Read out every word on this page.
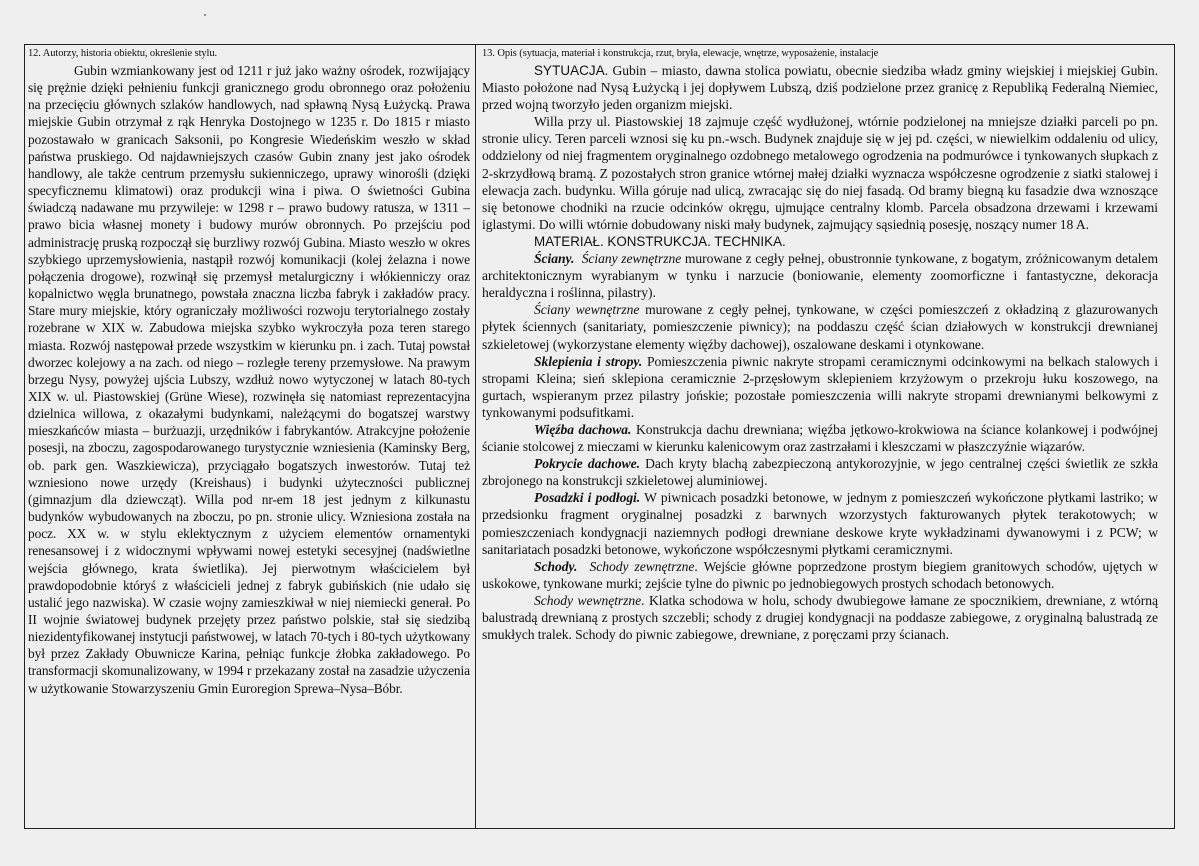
12. Autorzy, historia obiektu, określenie stylu.

Gubin wzmiankowany jest od 1211 r już jako ważny ośrodek, rozwijający się prężnie dzięki pełnieniu funkcji granicznego grodu obronnego oraz położeniu na przecięciu głównych szlaków handlowych, nad spławną Nysą Łużycką. Prawa miejskie Gubin otrzymał z rąk Henryka Dostojnego w 1235 r. Do 1815 r miasto pozostawało w granicach Saksonii, po Kongresie Wiedeńskim weszło w skład państwa pruskiego. Od najdawniejszych czasów Gubin znany jest jako ośrodek handlowy, ale także centrum przemysłu sukienniczego, uprawy winorośli (dzięki specyficznemu klimatowi) oraz produkcji wina i piwa. O świetności Gubina świadczą nadawane mu przywileje: w 1298 r – prawo budowy ratusza, w 1311 – prawo bicia własnej monety i budowy murów obronnych. Po przejściu pod administrację pruską rozpoczął się burzliwy rozwój Gubina. Miasto weszło w okres szybkiego uprzemysłowienia, nastąpił rozwój komunikacji (kolej żelazna i nowe połączenia drogowe), rozwinął się przemysł metalurgiczny i włókienniczy oraz kopalnictwo węgla brunatnego, powstała znaczna liczba fabryk i zakładów pracy. Stare mury miejskie, który ograniczały możliwości rozwoju terytorialnego zostały rozebrane w XIX w. Zabudowa miejska szybko wykroczyła poza teren starego miasta. Rozwój następował przede wszystkim w kierunku pn. i zach. Tutaj powstał dworzec kolejowy a na zach. od niego – rozległe tereny przemysłowe. Na prawym brzegu Nysy, powyżej ujścia Lubszy, wzdłuż nowo wytyczonej w latach 80-tych XIX w. ul. Piastowskiej (Grüne Wiese), rozwinęła się natomiast reprezentacyjna dzielnica willowa, z okazałymi budynkami, należącymi do bogatszej warstwy mieszkańców miasta – burżuazji, urzędników i fabrykantów. Atrakcyjne położenie posesji, na zboczu, zagospodarowanego turystycznie wzniesienia (Kaminsky Berg, ob. park gen. Waszkiewicza), przyciągało bogatszych inwestorów. Tutaj też wzniesiono nowe urzędy (Kreishaus) i budynki użyteczności publicznej (gimnazjum dla dziewcząt). Willa pod nr-em 18 jest jednym z kilkunastu budynków wybudowanych na zboczu, po pn. stronie ulicy. Wzniesiona została na pocz. XX w. w stylu eklektycznym z użyciem elementów ornamentyki renesansowej i z widocznymi wpływami nowej estetyki secesyjnej (nadświetlne wejścia głównego, krata świetlika). Jej pierwotnym właścicielem był prawdopodobnie któryś z właścicieli jednej z fabryk gubińskich (nie udało się ustalić jego nazwiska). W czasie wojny zamieszkiwał w niej niemiecki generał. Po II wojnie światowej budynek przejęty przez państwo polskie, stał się siedzibą niezidentyfikowanej instytucji państwowej, w latach 70-tych i 80-tych użytkowany był przez Zakłady Obuwnicze Karina, pełniąc funkcje żłobka zakładowego. Po transformacji skomunalizowany, w 1994 r przekazany został na zasadzie użyczenia w użytkowanie Stowarzyszeniu Gmin Euroregion Sprewa–Nysa–Bóbr.

13. Opis (sytuacja, materiał i konstrukcja, rzut, bryła, elewacje, wnętrze, wyposażenie, instalacje

SYTUACJA. Gubin – miasto, dawna stolica powiatu, obecnie siedziba władz gminy wiejskiej i miejskiej Gubin. Miasto położone nad Nysą Łużycką i jej dopływem Lubszą, dziś podzielone przez granicę z Republiką Federalną Niemiec, przed wojną tworzyło jeden organizm miejski.

Willa przy ul. Piastowskiej 18 zajmuje część wydłużonej, wtórnie podzielonej na mniejsze działki parceli po pn. stronie ulicy. Teren parceli wznosi się ku pn.-wsch. Budynek znajduje się w jej pd. części, w niewielkim oddaleniu od ulicy, oddzielony od niej fragmentem oryginalnego ozdobnego metalowego ogrodzenia na podmurówce i tynkowanych słupkach z 2-skrzydłową bramą. Z pozostałych stron granice wtórnej małej działki wyznacza współczesne ogrodzenie z siatki stalowej i elewacja zach. budynku. Willa góruje nad ulicą, zwracając się do niej fasadą. Od bramy biegną ku fasadzie dwa wznoszące się betonowe chodniki na rzucie odcinków okręgu, ujmujące centralny klomb. Parcela obsadzona drzewami i krzewami iglastymi. Do willi wtórnie dobudowany niski mały budynek, zajmujący sąsiednią posesję, noszący numer 18 A.

MATERIAŁ. KONSTRUKCJA. TECHNIKA.

Ściany. Ściany zewnętrzne murowane z cegły pełnej, obustronnie tynkowane, z bogatym, zróżnicowanym detalem architektonicznym wyrabianym w tynku i narzucie (boniowanie, elementy zoomorficzne i fantastyczne, dekoracja heraldyczna i roślinna, pilastry).

Ściany wewnętrzne murowane z cegły pełnej, tynkowane, w części pomieszczeń z okładziną z glazurowanych płytek ściennych (sanitariaty, pomieszczenie piwnicy); na poddaszu część ścian działowych w konstrukcji drewnianej szkieletowej (wykorzystane elementy więźby dachowej), oszalowane deskami i otynkowane.

Sklepienia i stropy. Pomieszczenia piwnic nakryte stropami ceramicznymi odcinkowymi na belkach stalowych i stropami Kleina; sień sklepiona ceramicznie 2-przęsłowym sklepieniem krzyżowym o przekroju łuku koszowego, na gurtach, wspieranym przez pilastry jońskie; pozostałe pomieszczenia willi nakryte stropami drewnianymi belkowymi z tynkowanymi podsufitkami.

Więźba dachowa. Konstrukcja dachu drewniana; więźba jętkowo-krokwiowa na ściance kolankowej i podwójnej ścianie stolcowej z mieczami w kierunku kalenicowym oraz zastrzałami i kleszczami w płaszczyźnie wiązarów.

Pokrycie dachowe. Dach kryty blachą zabezpieczoną antykorozyjnie, w jego centralnej części świetlik ze szkła zbrojonego na konstrukcji szkieletowej aluminiowej.

Posadzki i podłogi. W piwnicach posadzki betonowe, w jednym z pomieszczeń wykończone płytkami lastriko; w przedsionku fragment oryginalnej posadzki z barwnych wzorzystych fakturowanych płytek terakotowych; w pomieszczeniach kondygnacji naziemnych podłogi drewniane deskowe kryte wykładzinami dywanowymi i z PCW; w sanitariatach posadzki betonowe, wykończone współczesnymi płytkami ceramicznymi.

Schody. Schody zewnętrzne. Wejście główne poprzedzone prostym biegiem granitowych schodów, ujętych w uskokowe, tynkowane murki; zejście tylne do piwnic po jednobiegowych prostych schodach betonowych.

Schody wewnętrzne. Klatka schodowa w holu, schody dwubiegowe łamane ze spocznikiem, drewniane, z wtórną balustradą drewnianą z prostych szczebli; schody z drugiej kondygnacji na poddasze zabiegowe, z oryginalną balustradą ze smukłych tralek. Schody do piwnic zabiegowe, drewniane, z poręczami przy ścianach.
